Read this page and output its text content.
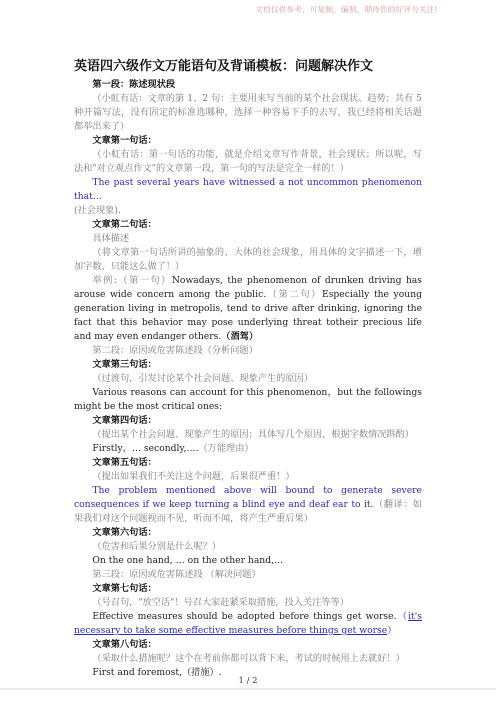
文档仅供参考，可复制、编制，期待您的好评与关注!
英语四六级作文万能语句及背诵模板：问题解决作文

第一段：陈述现状段

（小虹有话：文章的第 1、2 句：主要用来写当前的某个社会现状、趋势；共有 5 种开篇写法，没有固定的标准选哪种，选择一种容易下手的去写，我已经将相关话题都举出来了）

文章第一句话：

（小虹有话：第一句话的功能，就是介绍文章写作背景，社会现状；所以呢，写法和"对立观点作文"的文章第一段，第一句的写法是完全一样的！）

The past several years have witnessed a not uncommon phenomenon that…
(社会现象).

文章第二句话：

具体描述

（将文章第一句话所讲的抽象的、大体的社会现象，用具体的文字描述一下，增加字数，只能这么做了！）

举例:（第一句）Nowadays, the phenomenon of drunken driving has arouse wide concern among the public.（第二句）Especially the young generation living in metropolis, tend to drive after drinking, ignoring the fact that this behavior may pose underlying threat totheir precious life and may even endanger others.（酒驾）

第二段：原因或危害陈述段（分析问题）

文章第三句话：

（过渡句，引发讨论某个社会问题、现象产生的原因）

Various reasons can account for this phenomenon，but the followings might be the most critical ones:

文章第四句话：

（提出某个社会问题、现象产生的原因；具体写几个原因，根据字数情况斟酌）

Firstly，… secondly,….（万能理由）

文章第五句话：

（提出如果我们不关注这个问题，后果很严重！）

The problem mentioned above will bound to generate severe consequences if we keep turning a blind eye and deaf ear to it.（翻译：如果我们对这个问题视而不见，听而不闻，将产生严重后果）

文章第六句话：

（危害和后果分别是什么呢？）

On the one hand, … on the other hand,…

第三段：原因或危害陈述段 （解决问题）

文章第七句话：

（号召句，"放空话"！号召大家赶紧采取措施，投入关注等等）

Effective measures should be adopted before things get worse.（it's necessary to take some effective measures before things get worse）

文章第八句话：

（采取什么措施呢？这个在考前你都可以背下来，考试的时候用上去就好！）

First and foremost,（措施）.

1 / 2
